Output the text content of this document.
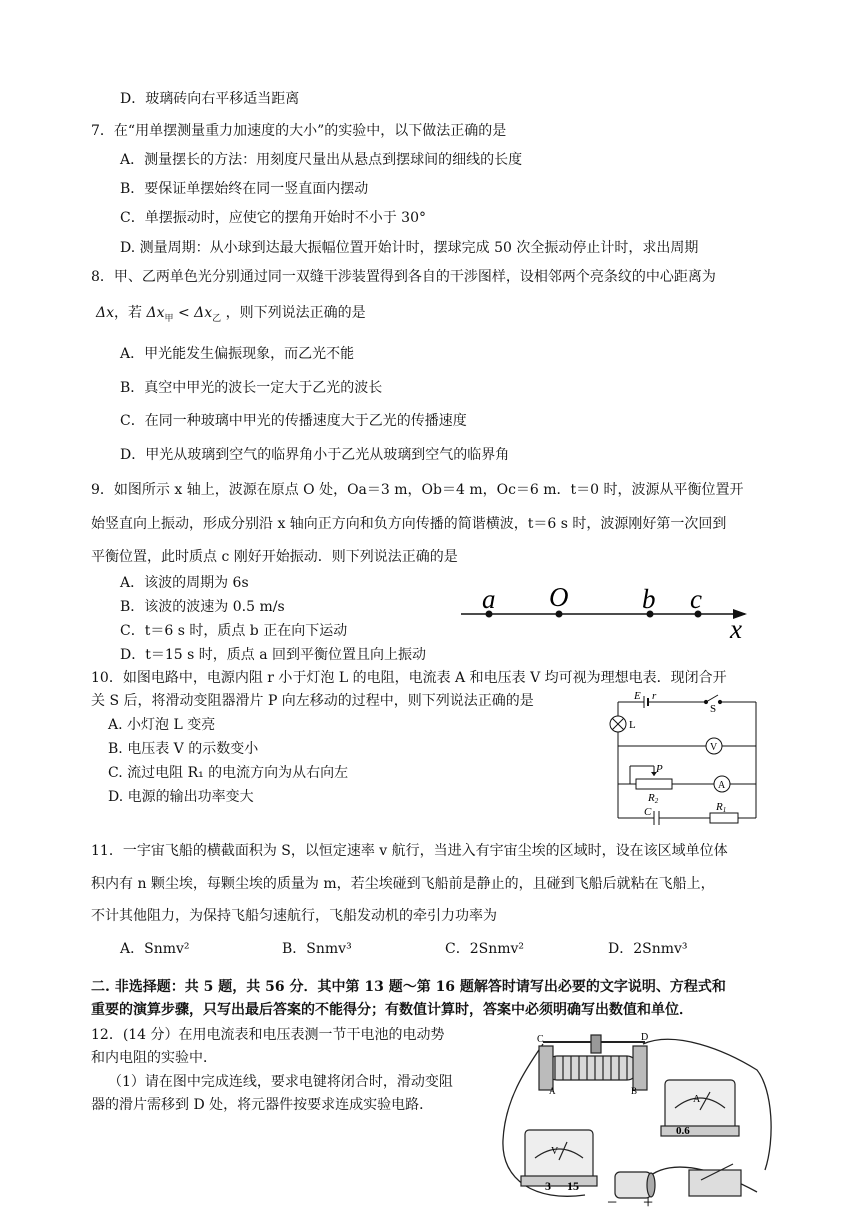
D．玻璃砖向右平移适当距离
7．在“用单摆测量重力加速度的大小”的实验中，以下做法正确的是
A．测量摆长的方法：用刻度尺量出从悬点到摆球间的细线的长度
B．要保证单摆始终在同一竖直面内摆动
C．单摆振动时，应使它的摆角开始时不小于 30°
D. 测量周期：从小球到达最大振幅位置开始计时，摆球完成 50 次全振动停止计时，求出周期
8．甲、乙两单色光分别通过同一双缝干涉装置得到各自的干涉图样，设相邻两个亮条纹的中心距离为
Δx，若 $\Delta x_甲 < \Delta x_乙$ ，则下列说法正确的是
A．甲光能发生偏振现象，而乙光不能
B．真空中甲光的波长一定大于乙光的波长
C．在同一种玻璃中甲光的传播速度大于乙光的传播速度
D．甲光从玻璃到空气的临界角小于乙光从玻璃到空气的临界角
9．如图所示 x 轴上，波源在原点 O 处，Oa＝3 m，Ob＝4 m，Oc＝6 m．t＝0 时，波源从平衡位置开
始竖直向上振动，形成分别沿 x 轴向正方向和负方向传播的简谐横波，t＝6 s 时，波源刚好第一次回到
平衡位置，此时质点 c 刚好开始振动．则下列说法正确的是
A．该波的周期为 6s
B．该波的波速为 0.5 m/s
C．t＝6 s 时，质点 b 正在向下运动
D．t＝15 s 时，质点 a 回到平衡位置且向上振动
a O	b c
x
10．如图电路中，电源内阻 r 小于灯泡 L 的电阻，电流表 A 和电压表 V 均可视为理想电表．现闭合开
关 S 后，将滑动变阻器滑片 P 向左移动的过程中，则下列说法正确的是
A. 小灯泡 L 变亮
B. 电压表 V 的示数变小
C. 流过电阻 R₁ 的电流方向为从右向左
D. 电源的输出功率变大
E r
S
L
V
A
P
R2	R1
C
11．一宇宙飞船的横截面积为 S，以恒定速率 v 航行，当进入有宇宙尘埃的区域时，设在该区域单位体
积内有 n 颗尘埃，每颗尘埃的质量为 m，若尘埃碰到飞船前是静止的，且碰到飞船后就粘在飞船上，
不计其他阻力，为保持飞船匀速航行，飞船发动机的牵引力功率为
A．Snmv²	B．Snmv³	C．2Snmv²	D．2Snmv³
二. 非选择题：共 5 题，共 56 分．其中第 13 题～第 16 题解答时请写出必要的文字说明、方程式和
重要的演算步骤，只写出最后答案的不能得分；有数值计算时，答案中必须明确写出数值和单位．
12．(14 分）在用电流表和电压表测一节干电池的电动势
和内电阻的实验中．
（1）请在图中完成连线，要求电键将闭合时，滑动变阻
器的滑片需移到 D 处，将元器件按要求连成实验电路．
C	D
A	B
A
0.6
V
3 15
− +
